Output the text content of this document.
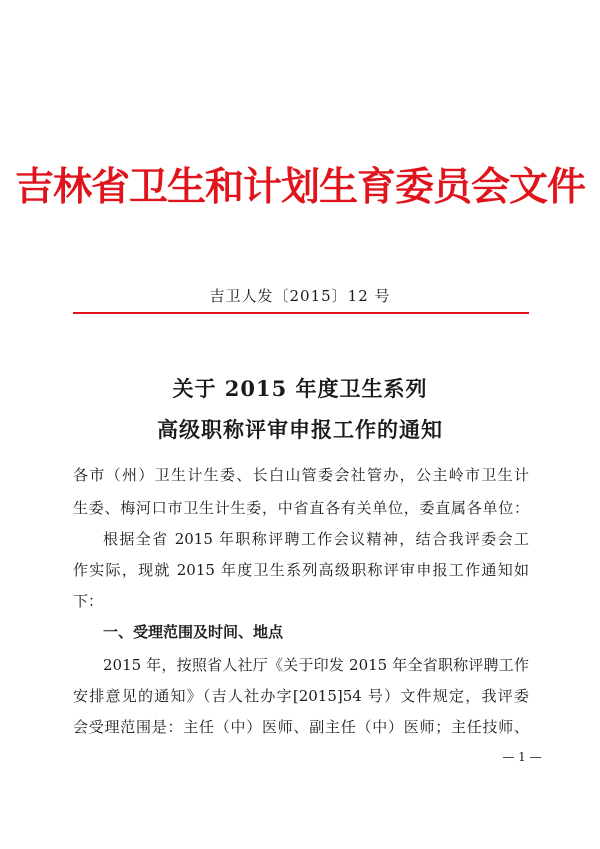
吉林省卫生和计划生育委员会文件
吉卫人发〔2015〕12 号
关于 2015 年度卫生系列
高级职称评审申报工作的通知
各市（州）卫生计生委、长白山管委会社管办，公主岭市卫生计
生委、梅河口市卫生计生委，中省直各有关单位，委直属各单位：
根据全省 2015 年职称评聘工作会议精神，结合我评委会工
作实际，现就 2015 年度卫生系列高级职称评审申报工作通知如
下：
一、受理范围及时间、地点
2015 年，按照省人社厅《关于印发 2015 年全省职称评聘工作
安排意见的通知》（吉人社办字[2015]54 号）文件规定，我评委
会受理范围是：主任（中）医师、副主任（中）医师；主任技师、
— 1 —
